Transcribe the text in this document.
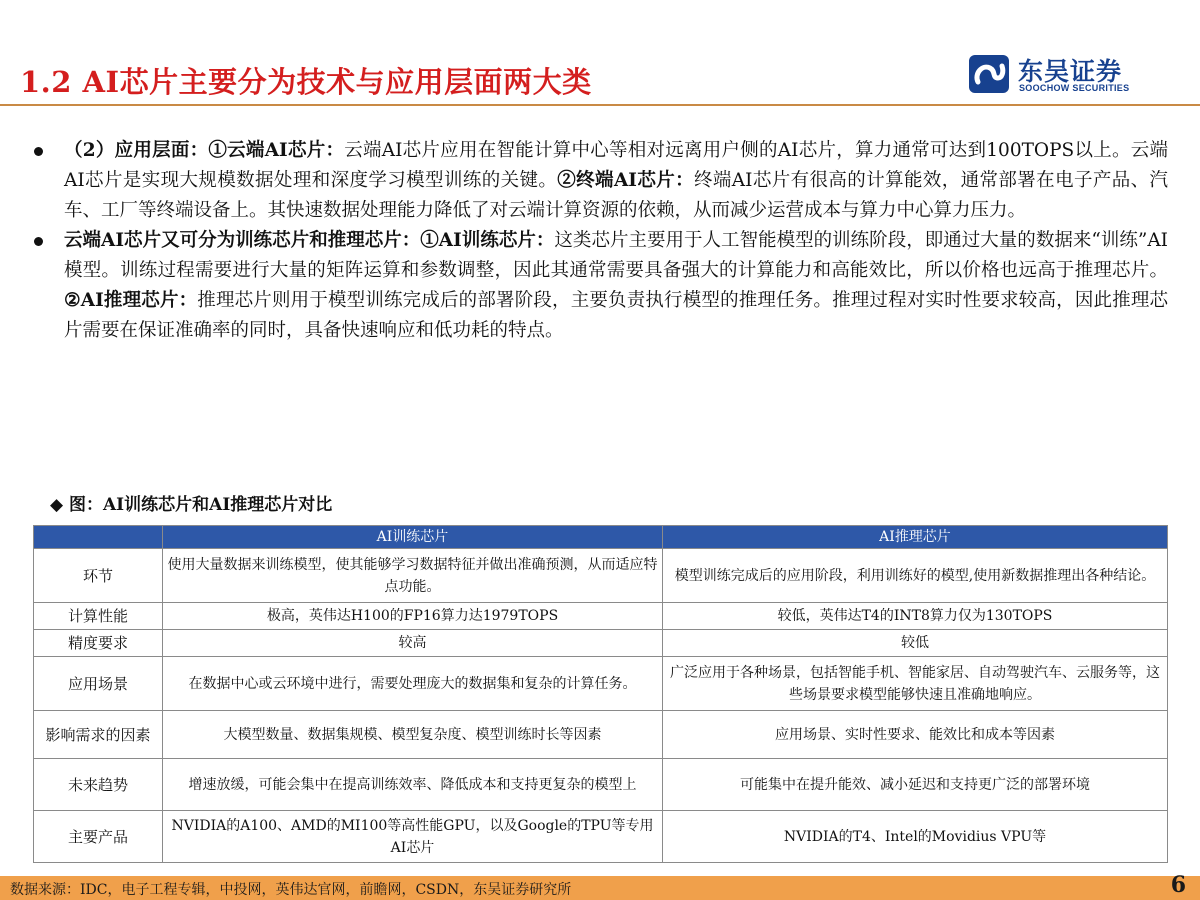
1.2 AI芯片主要分为技术与应用层面两大类	东吴证券
SOOCHOW SECURITIES
（2）应用层面：①云端AI芯片：云端AI芯片应用在智能计算中心等相对远离用户侧的AI芯片，算力通常可达到100TOPS以上。云端AI芯片是实现大规模数据处理和深度学习模型训练的关键。②终端AI芯片：终端AI芯片有很高的计算能效，通常部署在电子产品、汽车、工厂等终端设备上。其快速数据处理能力降低了对云端计算资源的依赖，从而减少运营成本与算力中心算力压力。
云端AI芯片又可分为训练芯片和推理芯片：①AI训练芯片：这类芯片主要用于人工智能模型的训练阶段，即通过大量的数据来“训练”AI模型。训练过程需要进行大量的矩阵运算和参数调整，因此其通常需要具备强大的计算能力和高能效比，所以价格也远高于推理芯片。②AI推理芯片：推理芯片则用于模型训练完成后的部署阶段，主要负责执行模型的推理任务。推理过程对实时性要求较高，因此推理芯片需要在保证准确率的同时，具备快速响应和低功耗的特点。
◆ 图：AI训练芯片和AI推理芯片对比
	AI训练芯片	AI推理芯片
环节	使用大量数据来训练模型，使其能够学习数据特征并做出准确预测，从而适应特点功能。	模型训练完成后的应用阶段，利用训练好的模型,使用新数据推理出各种结论。
计算性能	极高，英伟达H100的FP16算力达1979TOPS	较低，英伟达T4的INT8算力仅为130TOPS
精度要求	较高	较低
应用场景	在数据中心或云环境中进行，需要处理庞大的数据集和复杂的计算任务。	广泛应用于各种场景，包括智能手机、智能家居、自动驾驶汽车、云服务等，这些场景要求模型能够快速且准确地响应。
影响需求的因素	大模型数量、数据集规模、模型复杂度、模型训练时长等因素	应用场景、实时性要求、能效比和成本等因素
未来趋势	增速放缓，可能会集中在提高训练效率、降低成本和支持更复杂的模型上	可能集中在提升能效、减小延迟和支持更广泛的部署环境
主要产品	NVIDIA的A100、AMD的MI100等高性能GPU，以及Google的TPU等专用AI芯片	NVIDIA的T4、Intel的Movidius VPU等
数据来源：IDC，电子工程专辑，中投网，英伟达官网，前瞻网，CSDN，东吴证券研究所	6
